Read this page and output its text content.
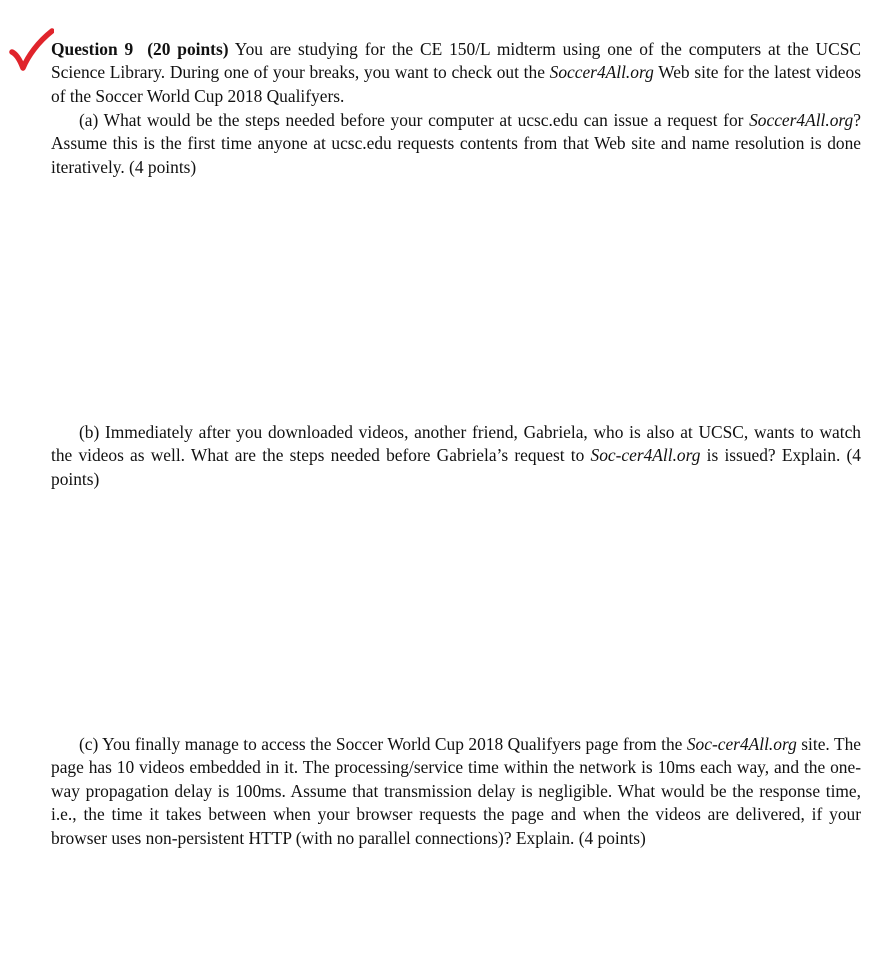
Question 9 (20 points) You are studying for the CE 150/L midterm using one of the computers at the UCSC Science Library. During one of your breaks, you want to check out the Soccer4All.org Web site for the latest videos of the Soccer World Cup 2018 Qualifyers.

(a) What would be the steps needed before your computer at ucsc.edu can issue a request for Soccer4All.org? Assume this is the first time anyone at ucsc.edu requests contents from that Web site and name resolution is done iteratively. (4 points)

(b) Immediately after you downloaded videos, another friend, Gabriela, who is also at UCSC, wants to watch the videos as well. What are the steps needed before Gabriela’s request to Soc-cer4All.org is issued? Explain. (4 points)

(c) You finally manage to access the Soccer World Cup 2018 Qualifyers page from the Soc-cer4All.org site. The page has 10 videos embedded in it. The processing/service time within the network is 10ms each way, and the one-way propagation delay is 100ms. Assume that transmission delay is negligible. What would be the response time, i.e., the time it takes between when your browser requests the page and when the videos are delivered, if your browser uses non-persistent HTTP (with no parallel connections)? Explain. (4 points)
